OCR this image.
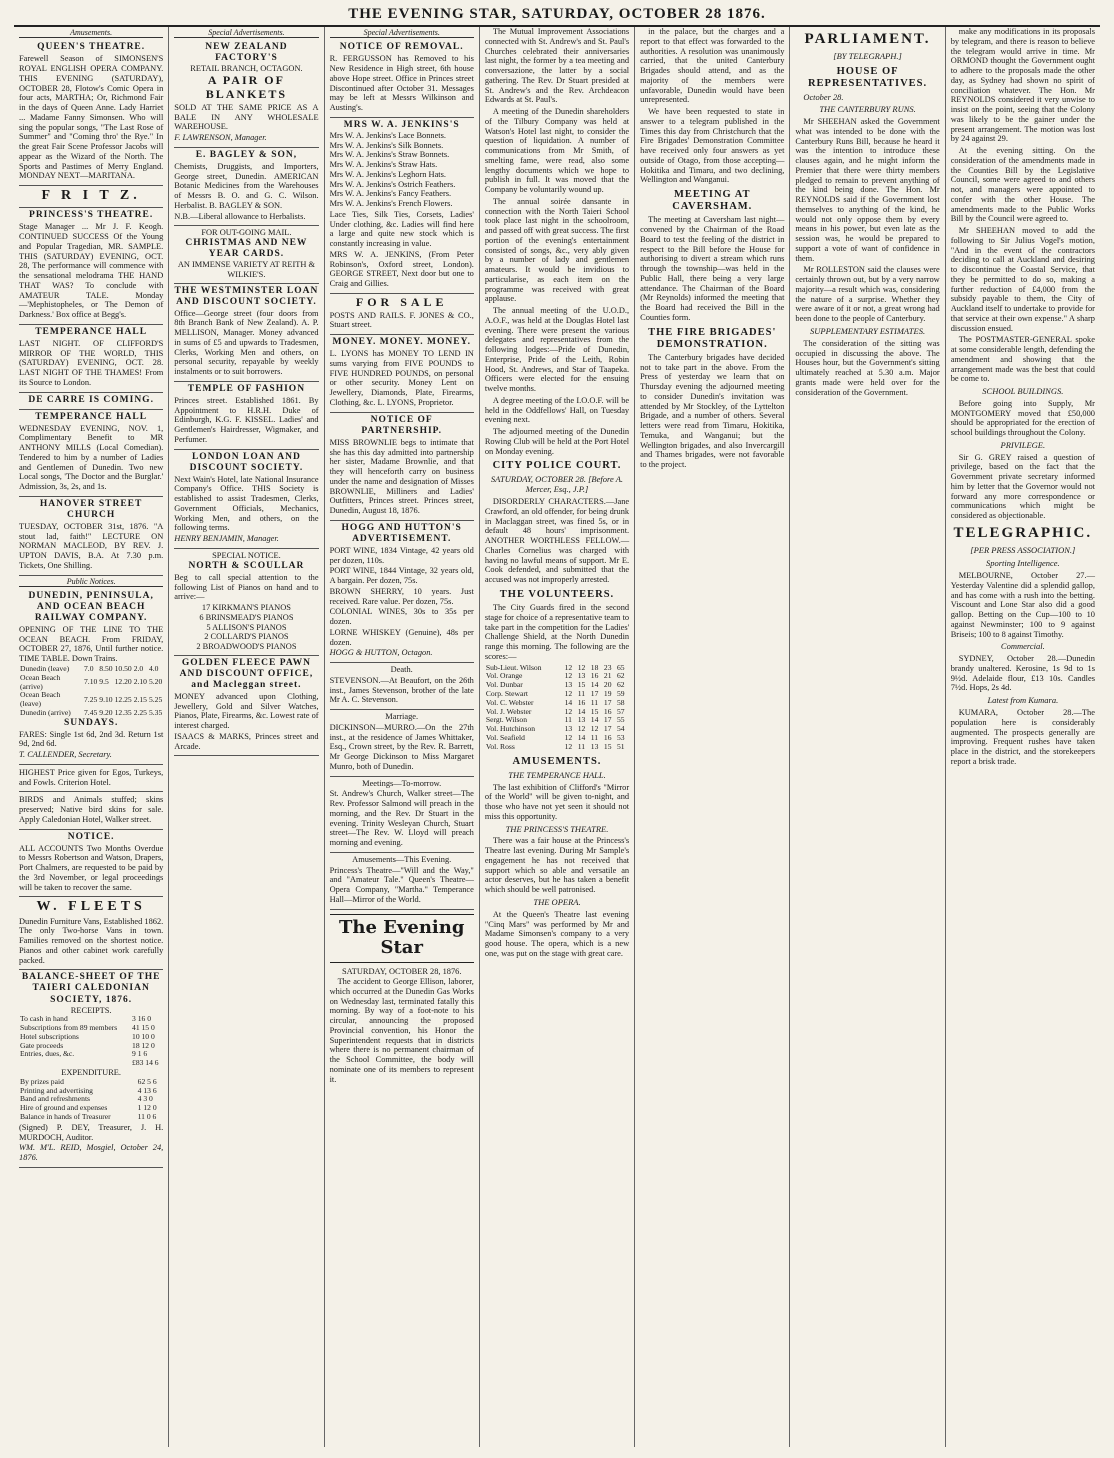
THE EVENING STAR, SATURDAY, OCTOBER 28 1876.
Amusements.
QUEEN'S THEATRE.

Farewell Season of SIMONSEN'S ROYAL ENGLISH OPERA COMPANY. THIS EVENING (SATURDAY), OCTOBER 28, Flotow's Comic Opera in four acts, MARTHA; Or, Richmond Fair in the days of Queen Anne. Lady Harriet ... Madame Fanny Simonsen. Who will sing the popular songs, "The Last Rose of Summer" and "Coming thro' the Rye." In the great Fair Scene Professor Jacobs will appear as the Wizard of the North. The Sports and Pastimes of Merry England. MONDAY NEXT—MARITANA.

F R I T Z.
PRINCESS'S THEATRE.

Stage Manager ... Mr J. F. Keogh. CONTINUED SUCCESS Of the Young and Popular Tragedian, MR. SAMPLE. THIS (SATURDAY) EVENING, OCT. 28, The performance will commence with the sensational melodrama THE HAND THAT WAS? To conclude with AMATEUR TALE. Monday—'Mephistopheles, or The Demon of Darkness.' Box office at Begg's.

TEMPERANCE HALL

LAST NIGHT. OF CLIFFORD'S MIRROR OF THE WORLD, THIS (SATURDAY) EVENING, OCT. 28. LAST NIGHT OF THE THAMES! From its Source to London.

DE CARRE IS COMING.
TEMPERANCE HALL

WEDNESDAY EVENING, NOV. 1, Complimentary Benefit to MR ANTHONY MILLS (Local Comedian). Tendered to him by a number of Ladies and Gentlemen of Dunedin. Two new Local songs, 'The Doctor and the Burglar.' Admission, 3s, 2s, and 1s.

HANOVER STREET CHURCH

TUESDAY, OCTOBER 31st, 1876. "A stout lad, faith!" LECTURE ON NORMAN MACLEOD, BY REV. J. UPTON DAVIS, B.A. At 7.30 p.m. Tickets, One Shilling.

Public Notices.
DUNEDIN, PENINSULA, AND OCEAN BEACH RAILWAY COMPANY.

OPENING OF THE LINE TO THE OCEAN BEACH. From FRIDAY, OCTOBER 27, 1876, Until further notice. TIME TABLE. Down Trains.

Dunedin (leave)	7.0	8.50	10.50	2.0	4.0
Ocean Beach (arrive)	7.10	9.5	12.20	2.10	5.20
Ocean Beach (leave)	7.25	9.10	12.25	2.15	5.25
Dunedin (arrive)	7.45	9.20	12.35	2.25	5.35
SUNDAYS.

FARES: Single 1st 6d, 2nd 3d. Return 1st 9d, 2nd 6d.

T. CALLENDER, Secretary.

HIGHEST Price given for Egos, Turkeys, and Fowls. Criterion Hotel.

BIRDS and Animals stuffed; skins preserved; Native bird skins for sale. Apply Caledonian Hotel, Walker street.

NOTICE.

ALL ACCOUNTS Two Months Overdue to Messrs Robertson and Watson, Drapers, Port Chalmers, are requested to be paid by the 3rd November, or legal proceedings will be taken to recover the same.

W. FLEETS

Dunedin Furniture Vans, Established 1862. The only Two-horse Vans in town. Families removed on the shortest notice. Pianos and other cabinet work carefully packed.

BALANCE-SHEET OF THE TAIERI CALEDONIAN SOCIETY, 1876.
RECEIPTS.
To cash in hand	3 16 0
Subscriptions from 89 members	41 15 0
Hotel subscriptions	10 10 0
Gate proceeds	18 12 0
Entries, dues, &c.	9 1 6
	£83 14 6
EXPENDITURE.
By prizes paid	62 5 6
Printing and advertising	4 13 6
Band and refreshments	4 3 0
Hire of ground and expenses	1 12 0
Balance in hands of Treasurer	11 0 6

(Signed) P. DEY, Treasurer, J. H. MURDOCH, Auditor.

WM. M'L. REID, Mosgiel, October 24, 1876.

Special Advertisements.
NEW ZEALAND FACTORY'S
RETAIL BRANCH, OCTAGON.
A PAIR OF BLANKETS

SOLD AT THE SAME PRICE AS A BALE IN ANY WHOLESALE WAREHOUSE.

F. LAWRENSON, Manager.

E. BAGLEY & SON,

Chemists, Druggists, and Importers, George street, Dunedin. AMERICAN Botanic Medicines from the Warehouses of Messrs B. O. and G. C. Wilson. Herbalist. B. BAGLEY & SON.

N.B.—Liberal allowance to Herbalists.

FOR OUT-GOING MAIL.
CHRISTMAS AND NEW YEAR CARDS.
AN IMMENSE VARIETY AT REITH & WILKIE'S.
THE WESTMINSTER LOAN AND DISCOUNT SOCIETY.

Office—George street (four doors from 8th Branch Bank of New Zealand). A. P. MELLISON, Manager. Money advanced in sums of £5 and upwards to Tradesmen, Clerks, Working Men and others, on personal security, repayable by weekly instalments or to suit borrowers.

TEMPLE OF FASHION

Princes street. Established 1861. By Appointment to H.R.H. Duke of Edinburgh, K.G. F. KISSEL. Ladies' and Gentlemen's Hairdresser, Wigmaker, and Perfumer.

LONDON LOAN AND DISCOUNT SOCIETY.

Next Wain's Hotel, late National Insurance Company's Office. THIS Society is established to assist Tradesmen, Clerks, Government Officials, Mechanics, Working Men, and others, on the following terms.

HENRY BENJAMIN, Manager.

SPECIAL NOTICE.
NORTH & SCOULLAR

Beg to call special attention to the following List of Pianos on hand and to arrive:—

17 KIRKMAN'S PIANOS
6 BRINSMEAD'S PIANOS
5 ALLISON'S PIANOS
2 COLLARD'S PIANOS
2 BROADWOOD'S PIANOS
GOLDEN FLEECE PAWN AND DISCOUNT OFFICE, and Macleggan street.

MONEY advanced upon Clothing, Jewellery, Gold and Silver Watches, Pianos, Plate, Firearms, &c. Lowest rate of interest charged.

ISAACS & MARKS, Princes street and Arcade.

Special Advertisements.
NOTICE OF REMOVAL.

R. FERGUSSON has Removed to his New Residence in High street, 6th house above Hope street. Office in Princes street Discontinued after October 31. Messages may be left at Messrs Wilkinson and Austing's.

MRS W. A. JENKINS'S
Mrs W. A. Jenkins's Lace Bonnets.
Mrs W. A. Jenkins's Silk Bonnets.
Mrs W. A. Jenkins's Straw Bonnets.
Mrs W. A. Jenkins's Straw Hats.
Mrs W. A. Jenkins's Leghorn Hats.
Mrs W. A. Jenkins's Ostrich Feathers.
Mrs W. A. Jenkins's Fancy Feathers.
Mrs W. A. Jenkins's French Flowers.

Lace Ties, Silk Ties, Corsets, Ladies' Under clothing, &c. Ladies will find here a large and quite new stock which is constantly increasing in value.

MRS W. A. JENKINS, (From Peter Robinson's, Oxford street, London). GEORGE STREET, Next door but one to Craig and Gillies.

FOR SALE

POSTS AND RAILS. F. JONES & CO., Stuart street.

MONEY. MONEY. MONEY.

L. LYONS has MONEY TO LEND IN sums varying from FIVE POUNDS to FIVE HUNDRED POUNDS, on personal or other security. Money Lent on Jewellery, Diamonds, Plate, Firearms, Clothing, &c. L. LYONS, Proprietor.

NOTICE OF PARTNERSHIP.

MISS BROWNLIE begs to intimate that she has this day admitted into partnership her sister, Madame Brownlie, and that they will henceforth carry on business under the name and designation of Misses BROWNLIE, Milliners and Ladies' Outfitters, Princes street. Princes street, Dunedin, August 18, 1876.

HOGG AND HUTTON'S ADVERTISEMENT.

PORT WINE, 1834 Vintage, 42 years old per dozen, 110s.

PORT WINE, 1844 Vintage, 32 years old, A bargain. Per dozen, 75s.

BROWN SHERRY, 10 years. Just received. Rare value. Per dozen, 75s.

COLONIAL WINES, 30s to 35s per dozen.

LORNE WHISKEY (Genuine), 48s per dozen.

HOGG & HUTTON, Octagon.

Death.

STEVENSON.—At Beaufort, on the 26th inst., James Stevenson, brother of the late Mr A. C. Stevenson.

Marriage.

DICKINSON—MURRO.—On the 27th inst., at the residence of James Whittaker, Esq., Crown street, by the Rev. R. Barrett, Mr George Dickinson to Miss Margaret Munro, both of Dunedin.

Meetings—To-morrow.

St. Andrew's Church, Walker street—The Rev. Professor Salmond will preach in the morning, and the Rev. Dr Stuart in the evening. Trinity Wesleyan Church, Stuart street—The Rev. W. Lloyd will preach morning and evening.

Amusements—This Evening.

Princess's Theatre—"Will and the Way," and "Amateur Tale." Queen's Theatre—Opera Company, "Martha." Temperance Hall—Mirror of the World.

The Evening Star
SATURDAY, OCTOBER 28, 1876.

The accident to George Ellison, laborer, which occurred at the Dunedin Gas Works on Wednesday last, terminated fatally this morning. By way of a foot-note to his circular, announcing the proposed Provincial convention, his Honor the Superintendent requests that in districts where there is no permanent chairman of the School Committee, the body will nominate one of its members to represent it.

The Mutual Improvement Associations connected with St. Andrew's and St. Paul's Churches celebrated their anniversaries last night, the former by a tea meeting and conversazione, the latter by a social gathering. The Rev. Dr Stuart presided at St. Andrew's and the Rev. Archdeacon Edwards at St. Paul's.

A meeting of the Dunedin shareholders of the Tilbury Company was held at Watson's Hotel last night, to consider the question of liquidation. A number of communications from Mr Smith, of smelting fame, were read, also some lengthy documents which we hope to publish in full. It was moved that the Company be voluntarily wound up.

The annual soirée dansante in connection with the North Taieri School took place last night in the schoolroom, and passed off with great success. The first portion of the evening's entertainment consisted of songs, &c., very ably given by a number of lady and gentlemen amateurs. It would be invidious to particularise, as each item on the programme was received with great applause.

The annual meeting of the U.O.D., A.O.F., was held at the Douglas Hotel last evening. There were present the various delegates and representatives from the following lodges:—Pride of Dunedin, Enterprise, Pride of the Leith, Robin Hood, St. Andrews, and Star of Taapeka. Officers were elected for the ensuing twelve months.

A degree meeting of the I.O.O.F. will be held in the Oddfellows' Hall, on Tuesday evening next.

The adjourned meeting of the Dunedin Rowing Club will be held at the Port Hotel on Monday evening.

CITY POLICE COURT.
SATURDAY, OCTOBER 28. [Before A. Mercer, Esq., J.P.]

DISORDERLY CHARACTERS.—Jane Crawford, an old offender, for being drunk in Maclaggan street, was fined 5s, or in default 48 hours' imprisonment. ANOTHER WORTHLESS FELLOW.—Charles Cornelius was charged with having no lawful means of support. Mr E. Cook defended, and submitted that the accused was not improperly arrested.

THE VOLUNTEERS.

The City Guards fired in the second stage for choice of a representative team to take part in the competition for the Ladies' Challenge Shield, at the North Dunedin range this morning. The following are the scores:—

Sub-Lieut. Wilson	12	12	18	23	65
Vol. Orange	12	13	16	21	62
Vol. Dunbar	13	15	14	20	62
Corp. Stewart	12	11	17	19	59
Vol. C. Webster	14	16	11	17	58
Vol. J. Webster	12	14	15	16	57
Sergt. Wilson	11	13	14	17	55
Vol. Hutchinson	13	12	12	17	54
Vol. Seafield	12	14	11	16	53
Vol. Ross	12	11	13	15	51
AMUSEMENTS.
THE TEMPERANCE HALL.

The last exhibition of Clifford's "Mirror of the World" will be given to-night, and those who have not yet seen it should not miss this opportunity.

THE PRINCESS'S THEATRE.

There was a fair house at the Princess's Theatre last evening. During Mr Sample's engagement he has not received that support which so able and versatile an actor deserves, but he has taken a benefit which should be well patronised.

THE OPERA.

At the Queen's Theatre last evening "Cinq Mars" was performed by Mr and Madame Simonsen's company to a very good house. The opera, which is a new one, was put on the stage with great care.

in the palace, but the charges and a report to that effect was forwarded to the authorities. A resolution was unanimously carried, that the united Canterbury Brigades should attend, and as the majority of the members were unfavorable, Dunedin would have been unrepresented.

We have been requested to state in answer to a telegram published in the Times this day from Christchurch that the Fire Brigades' Demonstration Committee have received only four answers as yet outside of Otago, from those accepting—Hokitika and Timaru, and two declining, Wellington and Wanganui.

MEETING AT CAVERSHAM.

The meeting at Caversham last night—convened by the Chairman of the Road Board to test the feeling of the district in respect to the Bill before the House for authorising to divert a stream which runs through the township—was held in the Public Hall, there being a very large attendance. The Chairman of the Board (Mr Reynolds) informed the meeting that the Board had received the Bill in the Counties form.

THE FIRE BRIGADES' DEMONSTRATION.

The Canterbury brigades have decided not to take part in the above. From the Press of yesterday we learn that on Thursday evening the adjourned meeting to consider Dunedin's invitation was attended by Mr Stockley, of the Lyttelton Brigade, and a number of others. Several letters were read from Timaru, Hokitika, Temuka, and Wanganui; but the Wellington brigades, and also Invercargill and Thames brigades, were not favorable to the project.

PARLIAMENT.
[BY TELEGRAPH.]
HOUSE OF REPRESENTATIVES.

October 28.

THE CANTERBURY RUNS.

Mr SHEEHAN asked the Government what was intended to be done with the Canterbury Runs Bill, because he heard it was the intention to introduce these clauses again, and he might inform the Premier that there were thirty members pledged to remain to prevent anything of the kind being done. The Hon. Mr REYNOLDS said if the Government lost themselves to anything of the kind, he would not only oppose them by every means in his power, but even late as the session was, he would be prepared to support a vote of want of confidence in them.

Mr ROLLESTON said the clauses were certainly thrown out, but by a very narrow majority—a result which was, considering the nature of a surprise. Whether they were aware of it or not, a great wrong had been done to the people of Canterbury.

SUPPLEMENTARY ESTIMATES.

The consideration of the sitting was occupied in discussing the above. The Houses hour, but the Government's sitting ultimately reached at 5.30 a.m. Major grants made were held over for the consideration of the Government.

make any modifications in its proposals by telegram, and there is reason to believe the telegram would arrive in time. Mr ORMOND thought the Government ought to adhere to the proposals made the other day, as Sydney had shown no spirit of conciliation whatever. The Hon. Mr REYNOLDS considered it very unwise to insist on the point, seeing that the Colony was likely to be the gainer under the present arrangement. The motion was lost by 24 against 29.

At the evening sitting. On the consideration of the amendments made in the Counties Bill by the Legislative Council, some were agreed to and others not, and managers were appointed to confer with the other House. The amendments made to the Public Works Bill by the Council were agreed to.

Mr SHEEHAN moved to add the following to Sir Julius Vogel's motion, "And in the event of the contractors deciding to call at Auckland and desiring to discontinue the Coastal Service, that they be permitted to do so, making a further reduction of £4,000 from the subsidy payable to them, the City of Auckland itself to undertake to provide for that service at their own expense." A sharp discussion ensued.

The POSTMASTER-GENERAL spoke at some considerable length, defending the amendment and showing that the arrangement made was the best that could be come to.

SCHOOL BUILDINGS.

Before going into Supply, Mr MONTGOMERY moved that £50,000 should be appropriated for the erection of school buildings throughout the Colony.

PRIVILEGE.

Sir G. GREY raised a question of privilege, based on the fact that the Government private secretary informed him by letter that the Governor would not forward any more correspondence or communications which might be considered as objectionable.

TELEGRAPHIC.
[PER PRESS ASSOCIATION.]
Sporting Intelligence.

MELBOURNE, October 27.—Yesterday Valentine did a splendid gallop, and has come with a rush into the betting. Viscount and Lone Star also did a good gallop. Betting on the Cup—100 to 10 against Newminster; 100 to 9 against Briseis; 100 to 8 against Timothy.

Commercial.

SYDNEY, October 28.—Dunedin brandy unaltered. Kerosine, 1s 9d to 1s 9½d. Adelaide flour, £13 10s. Candles 7½d. Hops, 2s 4d.

Latest from Kumara.

KUMARA, October 28.—The population here is considerably augmented. The prospects generally are improving. Frequent rushes have taken place in the district, and the storekeepers report a brisk trade.
